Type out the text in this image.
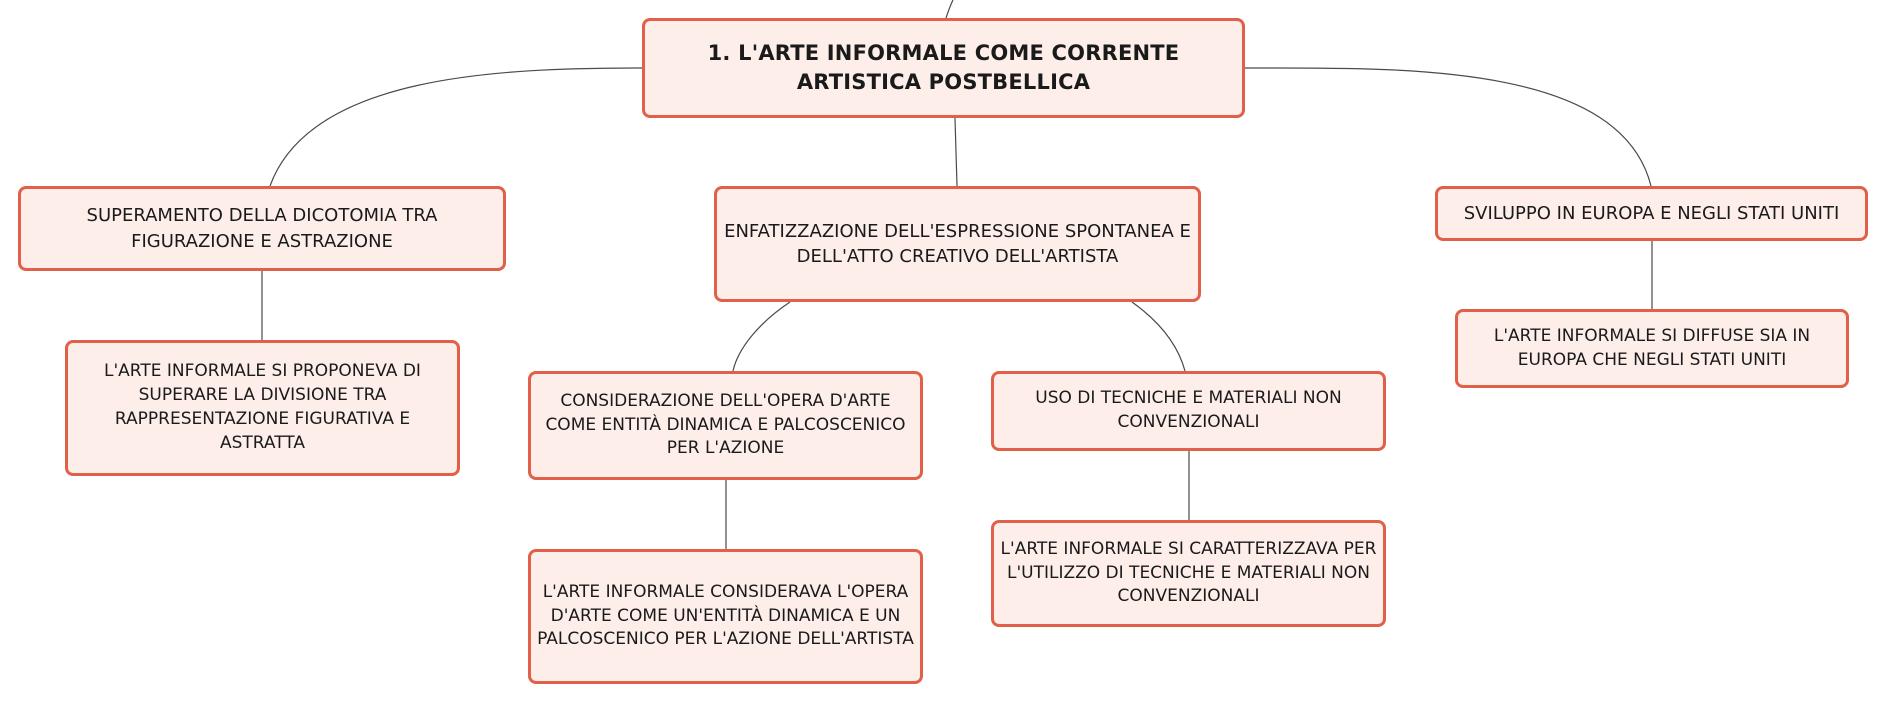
1. L'ARTE INFORMALE COME CORRENTE ARTISTICA POSTBELLICA
SUPERAMENTO DELLA DICOTOMIA TRA FIGURAZIONE E ASTRAZIONE	ENFATIZZAZIONE DELL'ESPRESSIONE SPONTANEA E DELL'ATTO CREATIVO DELL'ARTISTA
SVILUPPO IN EUROPA E NEGLI STATI UNITI
L'ARTE INFORMALE SI PROPONEVA DI SUPERARE LA DIVISIONE TRA RAPPRESENTAZIONE FIGURATIVA E ASTRATTA
CONSIDERAZIONE DELL'OPERA D'ARTE COME ENTITÀ DINAMICA E PALCOSCENICO PER L'AZIONE
USO DI TECNICHE E MATERIALI NON CONVENZIONALI
L'ARTE INFORMALE SI DIFFUSE SIA IN EUROPA CHE NEGLI STATI UNITI
L'ARTE INFORMALE CONSIDERAVA L'OPERA D'ARTE COME UN'ENTITÀ DINAMICA E UN PALCOSCENICO PER L'AZIONE DELL'ARTISTA
L'ARTE INFORMALE SI CARATTERIZZAVA PER L'UTILIZZO DI TECNICHE E MATERIALI NON CONVENZIONALI
